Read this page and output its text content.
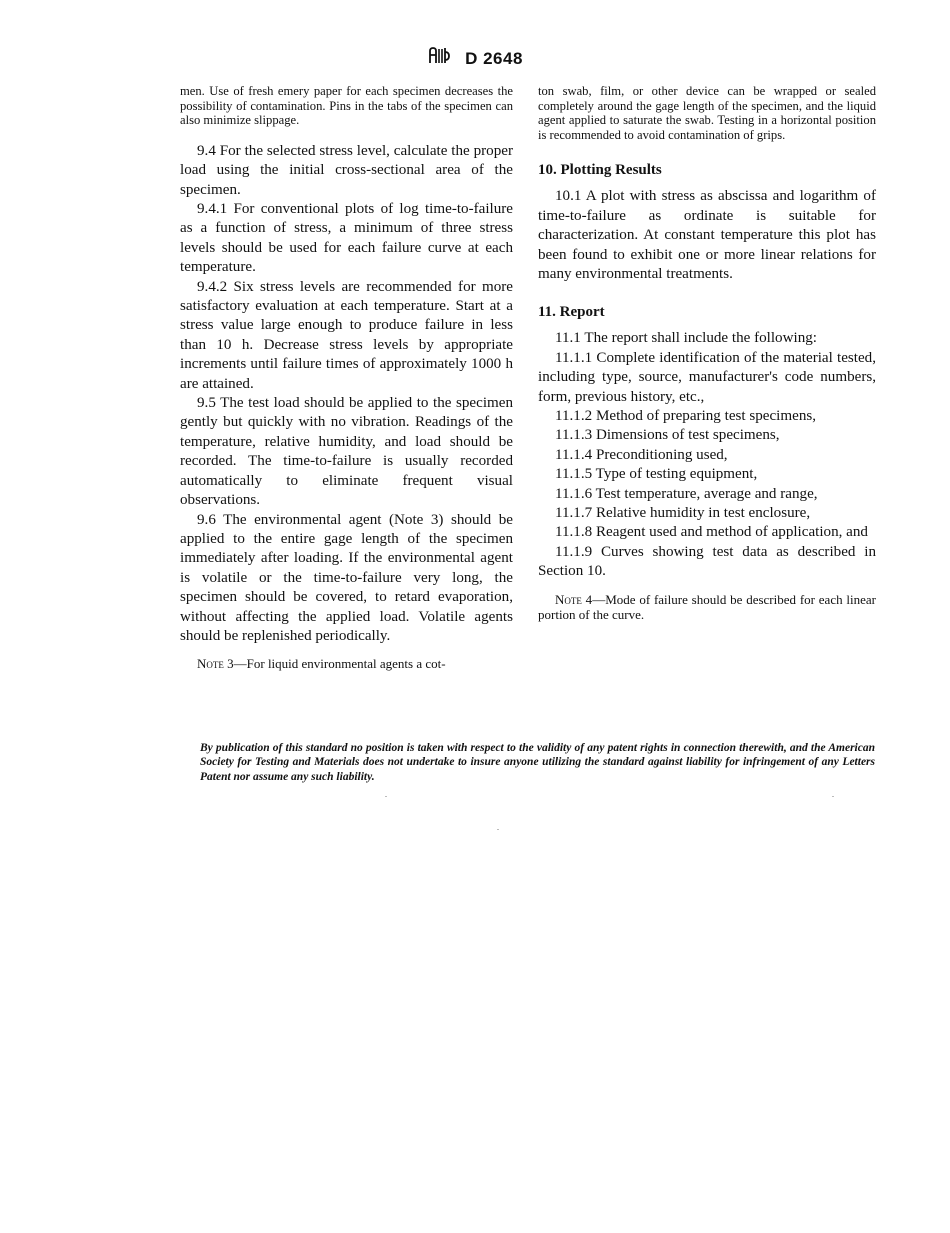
D 2648

men. Use of fresh emery paper for each specimen decreases the possibility of contamination. Pins in the tabs of the specimen can also minimize slippage.

9.4 For the selected stress level, calculate the proper load using the initial cross-sectional area of the specimen.

9.4.1 For conventional plots of log time-to-failure as a function of stress, a minimum of three stress levels should be used for each failure curve at each temperature.

9.4.2 Six stress levels are recommended for more satisfactory evaluation at each temperature. Start at a stress value large enough to produce failure in less than 10 h. Decrease stress levels by appropriate increments until failure times of approximately 1000 h are attained.

9.5 The test load should be applied to the specimen gently but quickly with no vibration. Readings of the temperature, relative humidity, and load should be recorded. The time-to-failure is usually recorded automatically to eliminate frequent visual observations.

9.6 The environmental agent (Note 3) should be applied to the entire gage length of the specimen immediately after loading. If the environmental agent is volatile or the time-to-failure very long, the specimen should be covered, to retard evaporation, without affecting the applied load. Volatile agents should be replenished periodically.

Note 3—For liquid environmental agents a cot-

ton swab, film, or other device can be wrapped or sealed completely around the gage length of the specimen, and the liquid agent applied to saturate the swab. Testing in a horizontal position is recommended to avoid contamination of grips.

10. Plotting Results

10.1 A plot with stress as abscissa and logarithm of time-to-failure as ordinate is suitable for characterization. At constant temperature this plot has been found to exhibit one or more linear relations for many environmental treatments.

11. Report

11.1 The report shall include the following:

11.1.1 Complete identification of the material tested, including type, source, manufacturer's code numbers, form, previous history, etc.,

11.1.2 Method of preparing test specimens,

11.1.3 Dimensions of test specimens,

11.1.4 Preconditioning used,

11.1.5 Type of testing equipment,

11.1.6 Test temperature, average and range,

11.1.7 Relative humidity in test enclosure,

11.1.8 Reagent used and method of application, and

11.1.9 Curves showing test data as described in Section 10.

Note 4—Mode of failure should be described for each linear portion of the curve.

By publication of this standard no position is taken with respect to the validity of any patent rights in connection therewith, and the American Society for Testing and Materials does not undertake to insure anyone utilizing the standard against liability for infringement of any Letters Patent nor assume any such liability.
